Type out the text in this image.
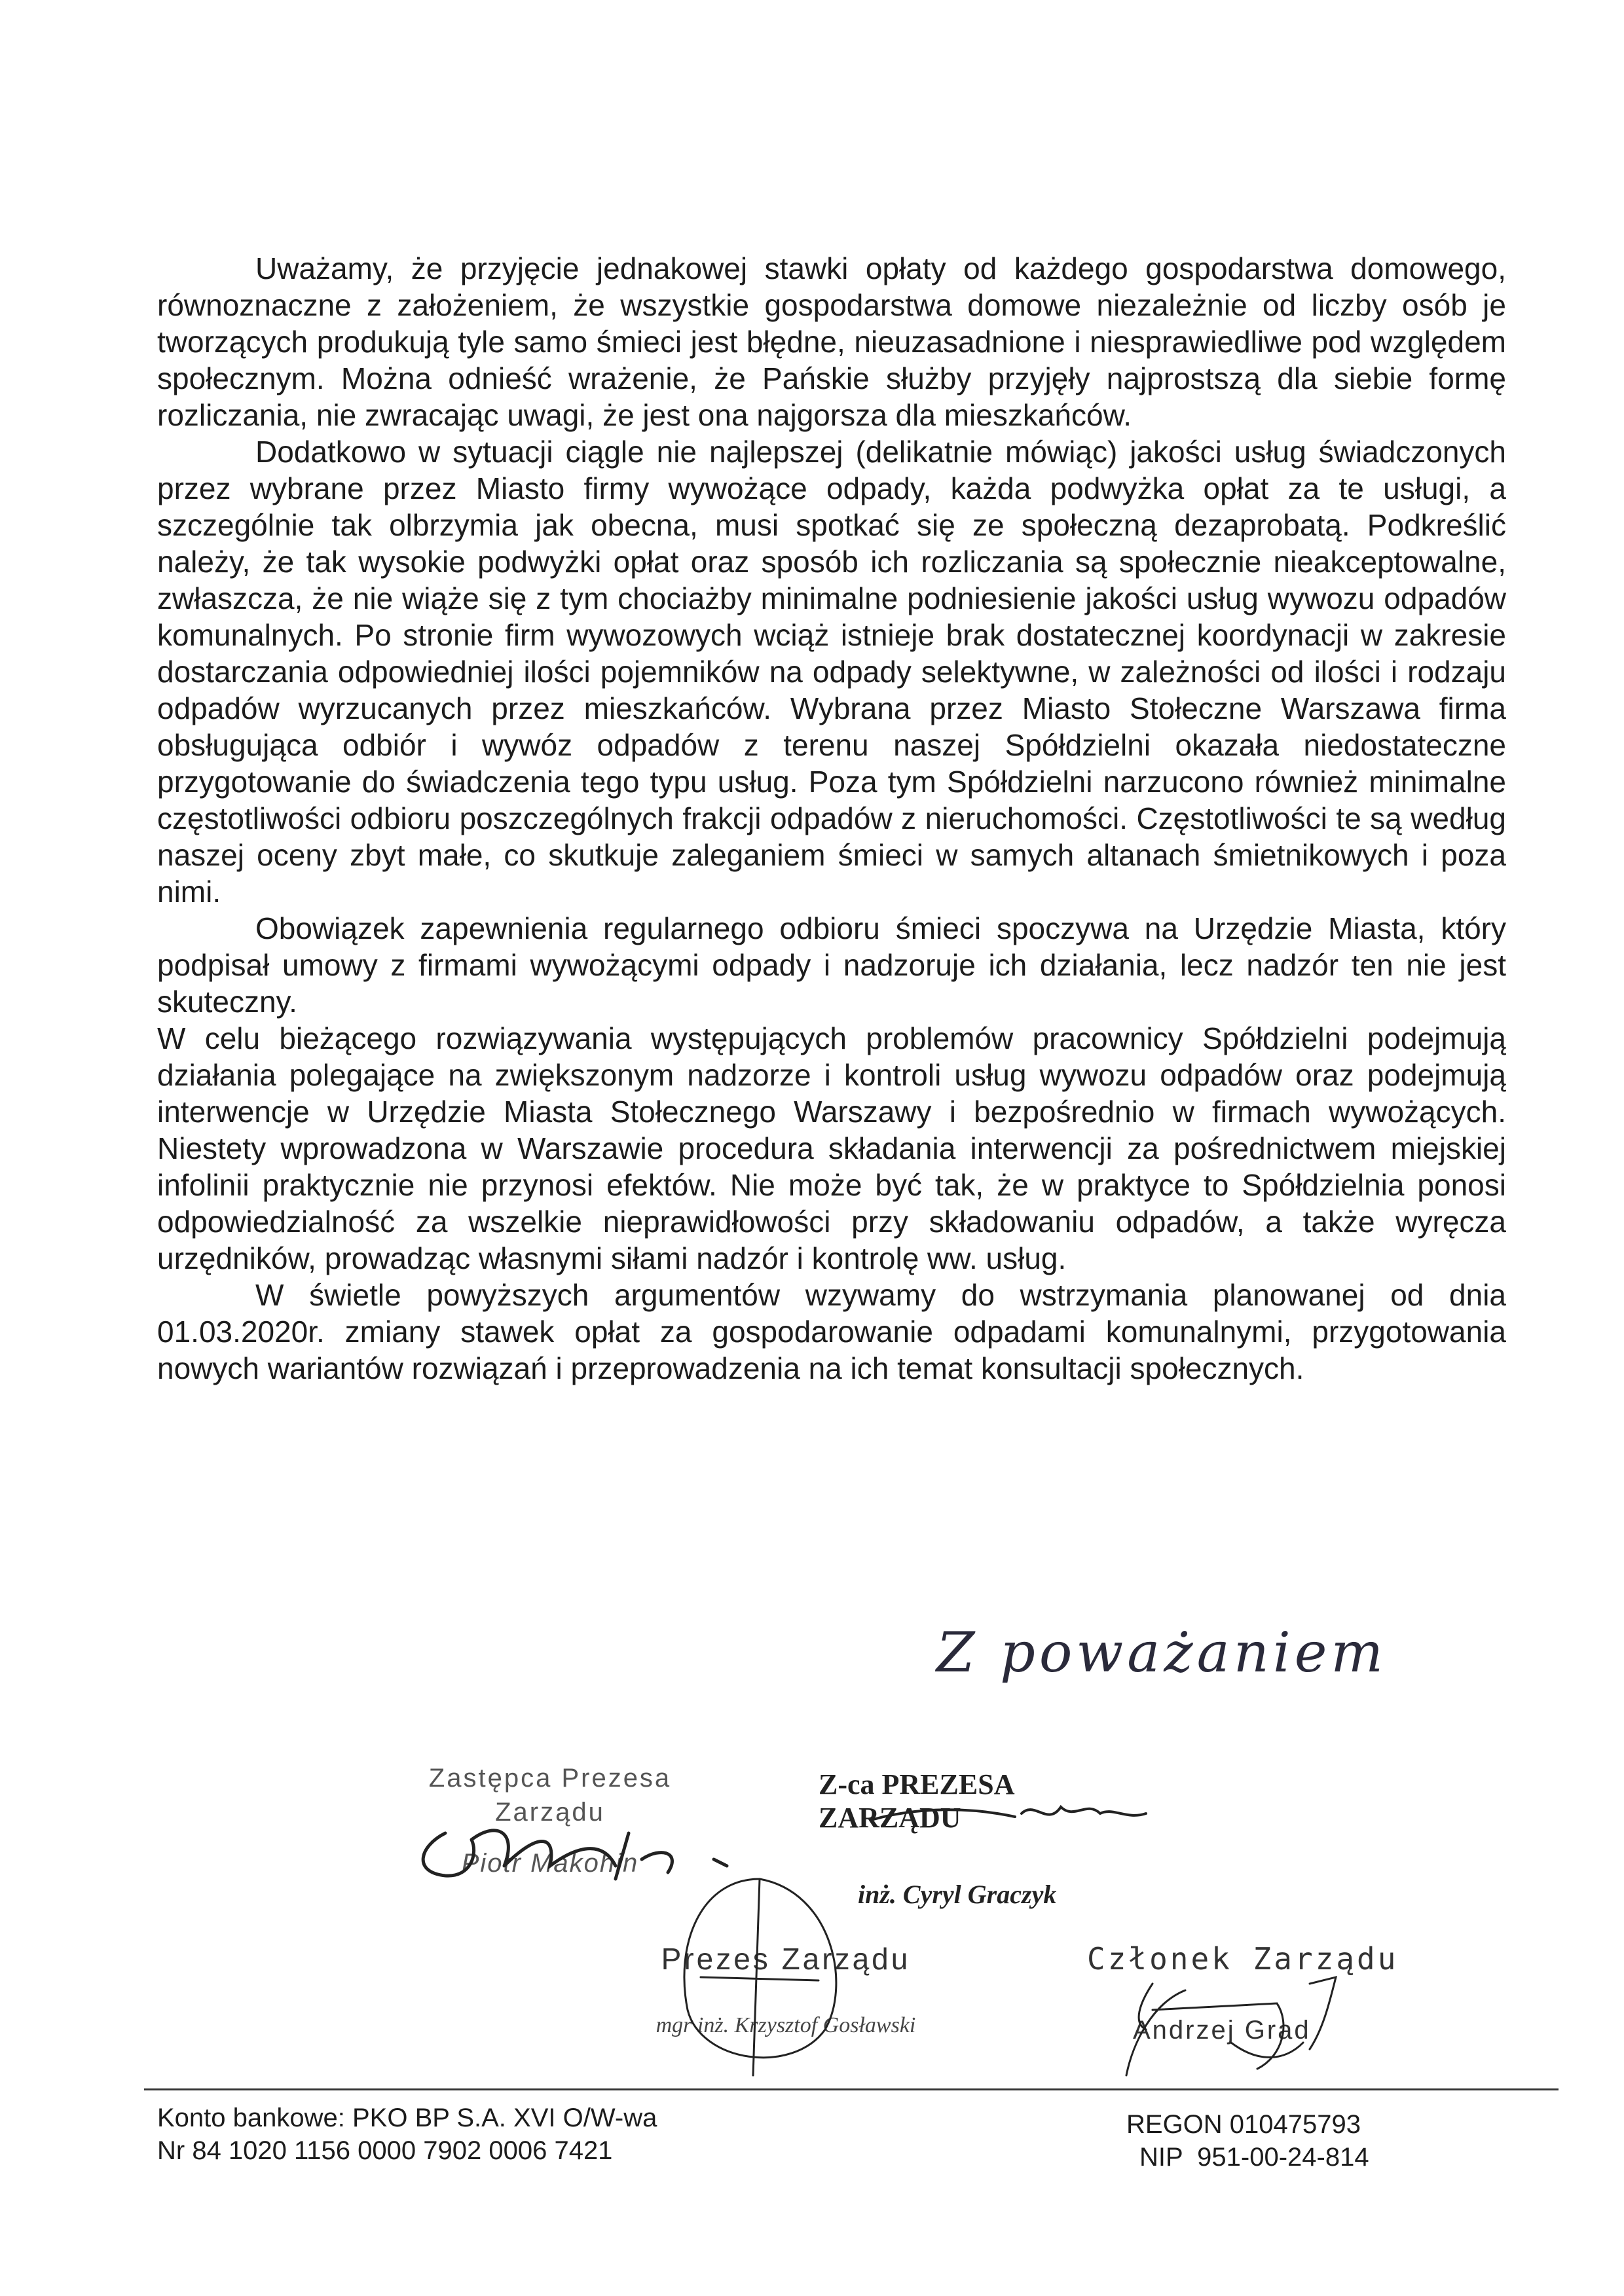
Uważamy, że przyjęcie jednakowej stawki opłaty od każdego gospodarstwa domowego, równoznaczne z założeniem, że wszystkie gospodarstwa domowe niezależnie od liczby osób je tworzących produkują tyle samo śmieci jest błędne, nieuzasadnione i niesprawiedliwe pod względem społecznym. Można odnieść wrażenie, że Pańskie służby przyjęły najprostszą dla siebie formę rozliczania, nie zwracając uwagi, że jest ona najgorsza dla mieszkańców.

Dodatkowo w sytuacji ciągle nie najlepszej (delikatnie mówiąc) jakości usług świadczonych przez wybrane przez Miasto firmy wywożące odpady, każda podwyżka opłat za te usługi, a szczególnie tak olbrzymia jak obecna, musi spotkać się ze społeczną dezaprobatą. Podkreślić należy, że tak wysokie podwyżki opłat oraz sposób ich rozliczania są społecznie nieakceptowalne, zwłaszcza, że nie wiąże się z tym chociażby minimalne podniesienie jakości usług wywozu odpadów komunalnych. Po stronie firm wywozowych wciąż istnieje brak dostatecznej koordynacji w zakresie dostarczania odpowiedniej ilości pojemników na odpady selektywne, w zależności od ilości i rodzaju odpadów wyrzucanych przez mieszkańców. Wybrana przez Miasto Stołeczne Warszawa firma obsługująca odbiór i wywóz odpadów z terenu naszej Spółdzielni okazała niedostateczne przygotowanie do świadczenia tego typu usług. Poza tym Spółdzielni narzucono również minimalne częstotliwości odbioru poszczególnych frakcji odpadów z nieruchomości. Częstotliwości te są według naszej oceny zbyt małe, co skutkuje zaleganiem śmieci w samych altanach śmietnikowych i poza nimi.

Obowiązek zapewnienia regularnego odbioru śmieci spoczywa na Urzędzie Miasta, który podpisał umowy z firmami wywożącymi odpady i nadzoruje ich działania, lecz nadzór ten nie jest skuteczny.

W celu bieżącego rozwiązywania występujących problemów pracownicy Spółdzielni podejmują działania polegające na zwiększonym nadzorze i kontroli usług wywozu odpadów oraz podejmują interwencje w Urzędzie Miasta Stołecznego Warszawy i bezpośrednio w firmach wywożących. Niestety wprowadzona w Warszawie procedura składania interwencji za pośrednictwem miejskiej infolinii praktycznie nie przynosi efektów. Nie może być tak, że w praktyce to Spółdzielnia ponosi odpowiedzialność za wszelkie nieprawidłowości przy składowaniu odpadów, a także wyręcza urzędników, prowadząc własnymi siłami nadzór i kontrolę ww. usług.

W świetle powyższych argumentów wzywamy do wstrzymania planowanej od dnia 01.03.2020r. zmiany stawek opłat za gospodarowanie odpadami komunalnymi, przygotowania nowych wariantów rozwiązań i przeprowadzenia na ich temat konsultacji społecznych.

Z poważaniem
Zastępca Prezesa Zarządu
Piotr Makohin
Z-ca PREZESA ZARZĄDU
inż. Cyryl Graczyk
Prezes Zarządu
mgr inż. Krzysztof Gosławski
Członek Zarządu
Andrzej Grad
Konto bankowe: PKO BP S.A. XVI O/W-wa
Nr 84 1020 1156 0000 7902 0006 7421
REGON 010475793
NIP  951-00-24-814
